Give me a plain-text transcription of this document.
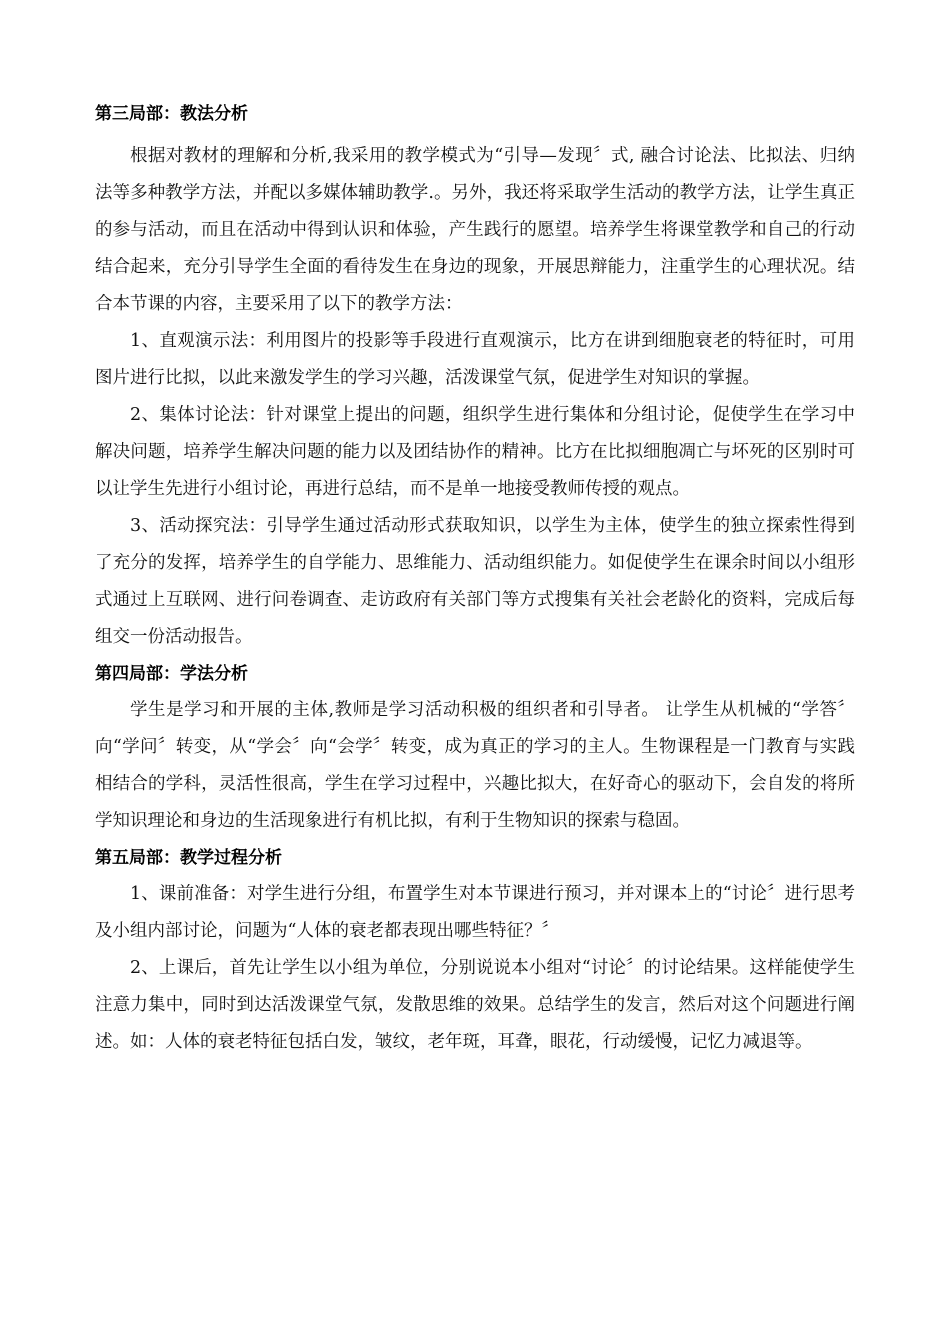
第三局部：教法分析

根据对教材的理解和分析,我采用的教学模式为“引导—发现〞式, 融合讨论法、比拟法、归纳法等多种教学方法，并配以多媒体辅助教学.。另外，我还将采取学生活动的教学方法，让学生真正的参与活动，而且在活动中得到认识和体验，产生践行的愿望。培养学生将课堂教学和自己的行动结合起来，充分引导学生全面的看待发生在身边的现象，开展思辩能力，注重学生的心理状况。结合本节课的内容，主要采用了以下的教学方法：

1、直观演示法：利用图片的投影等手段进行直观演示，比方在讲到细胞衰老的特征时，可用图片进行比拟，以此来激发学生的学习兴趣，活泼课堂气氛，促进学生对知识的掌握。

2、集体讨论法：针对课堂上提出的问题，组织学生进行集体和分组讨论，促使学生在学习中解决问题，培养学生解决问题的能力以及团结协作的精神。比方在比拟细胞凋亡与坏死的区别时可以让学生先进行小组讨论，再进行总结，而不是单一地接受教师传授的观点。

3、活动探究法：引导学生通过活动形式获取知识，以学生为主体，使学生的独立探索性得到了充分的发挥，培养学生的自学能力、思维能力、活动组织能力。如促使学生在课余时间以小组形式通过上互联网、进行问卷调查、走访政府有关部门等方式搜集有关社会老龄化的资料，完成后每组交一份活动报告。

第四局部：学法分析

学生是学习和开展的主体,教师是学习活动积极的组织者和引导者。 让学生从机械的“学答〞向“学问〞转变，从“学会〞向“会学〞转变，成为真正的学习的主人。生物课程是一门教育与实践相结合的学科，灵活性很高，学生在学习过程中，兴趣比拟大，在好奇心的驱动下，会自发的将所学知识理论和身边的生活现象进行有机比拟，有利于生物知识的探索与稳固。

第五局部：教学过程分析

1、课前准备：对学生进行分组，布置学生对本节课进行预习，并对课本上的“讨论〞进行思考及小组内部讨论，问题为“人体的衰老都表现出哪些特征？〞

2、上课后，首先让学生以小组为单位，分别说说本小组对“讨论〞的讨论结果。这样能使学生注意力集中，同时到达活泼课堂气氛，发散思维的效果。总结学生的发言，然后对这个问题进行阐述。如：人体的衰老特征包括白发，皱纹，老年斑，耳聋，眼花，行动缓慢，记忆力减退等。
